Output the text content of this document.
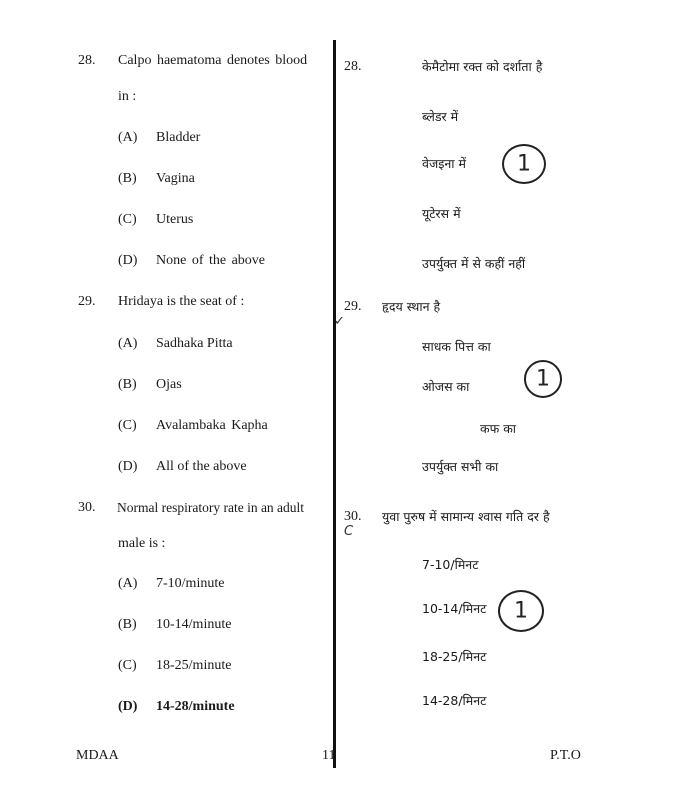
28. Calpo haematoma denotes blood
in :
(A) Bladder
(B) Vagina
(C) Uterus
(D) None of the above
29. Hridaya is the seat of :
(A) Sadhaka Pitta
(B) Ojas
(C) Avalambaka Kapha
(D) All of the above
30. Normal respiratory rate in an adult
male is :
(A) 7-10/minute
(B) 10-14/minute
(C) 18-25/minute
(D) 14-28/minute
28.	केमैटोमा रक्त को दर्शाता है
ब्लेडर में
वेजइना में
यूटेरस में
उपर्युक्त में से कहीं नहीं
1
29. हृदय स्थान है
साधक पित्त का
ओजस का
कफ का
उपर्युक्त सभी का
1
30. युवा पुरुष में सामान्य श्वास गति दर है
7-10/मिनट
10-14/मिनट
18-25/मिनट
14-28/मिनट
1
✓
C
MDAA	11	P.T.O
